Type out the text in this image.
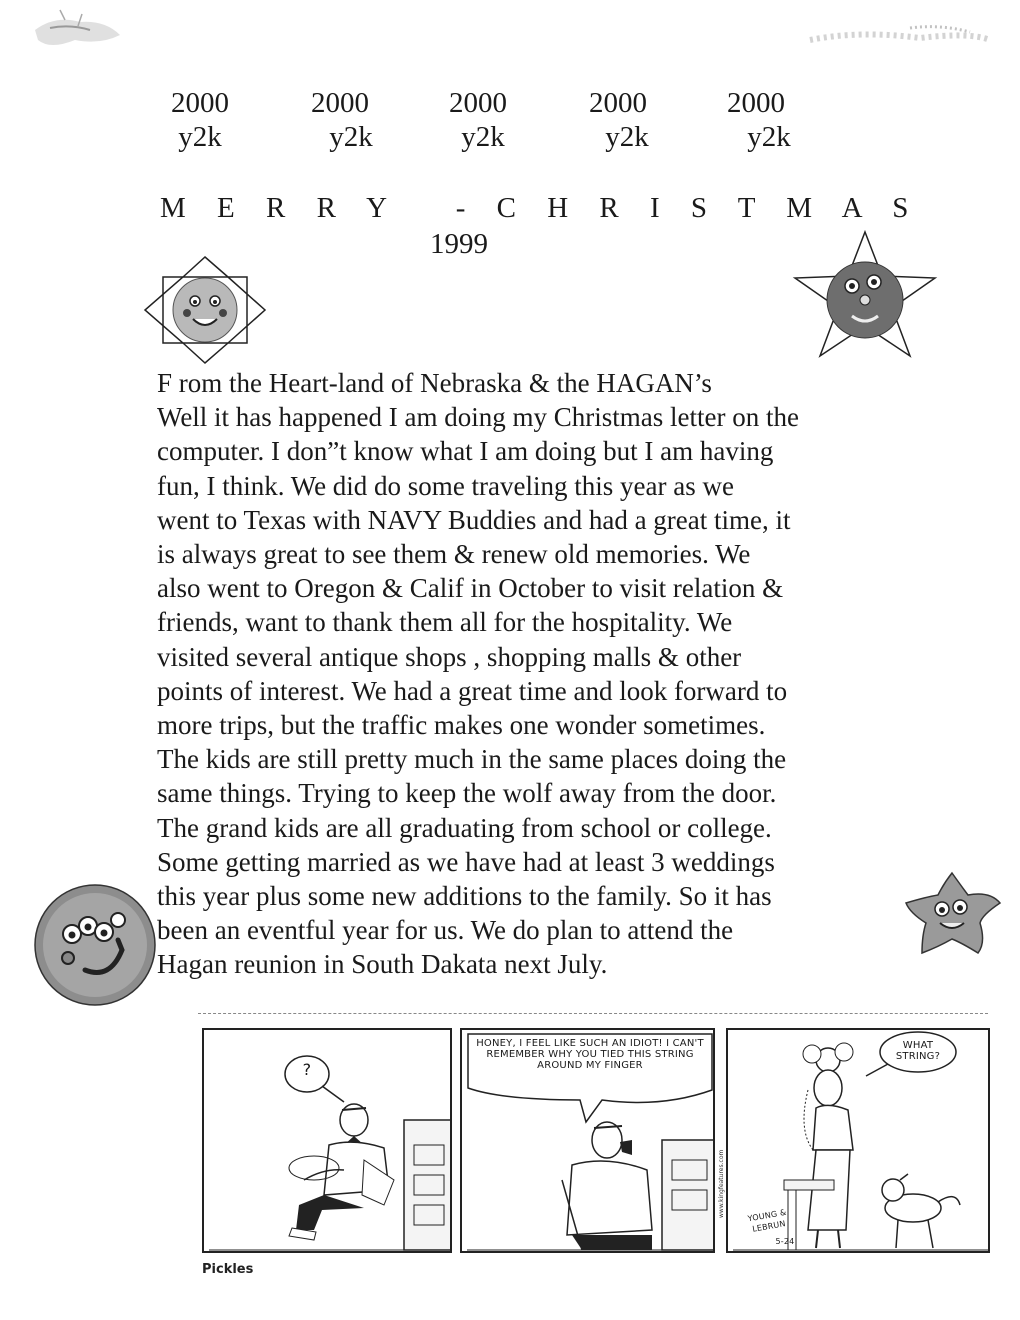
2000
y2k
2000
y2k
2000
y2k
2000
y2k
2000
y2k
M E R R Y   - C H R I S T M A S
1999
F rom the Heart-land of Nebraska & the HAGAN’s
Well it has happened I am doing my Christmas letter on the
computer. I don”t know what I am doing but I am having
fun, I think. We did do some traveling this year as we
went to Texas with NAVY Buddies and had a great time, it
is always great to see them & renew old memories. We
also went to Oregon & Calif in October to visit relation &
friends, want to thank them all for the hospitality. We
visited several antique shops , shopping malls & other
points of interest. We had a great time and look forward to
more trips, but the traffic makes one wonder sometimes.
The kids are still pretty much in the same places doing the
same things. Trying to keep the wolf away from the door.
The grand kids are all graduating from school or college.
Some getting married as we have had at least 3 weddings
this year plus some new additions to the family. So it has
been an eventful year for us. We do plan to attend the
Hagan reunion in South Dakata next July.
?
HONEY, I FEEL LIKE SUCH AN IDIOT! I CAN'T REMEMBER WHY YOU TIED THIS STRING AROUND MY FINGER
www.kingfeatures.com
WHAT STRING?
YOUNG & LEBRUN
5-24
Pickles
